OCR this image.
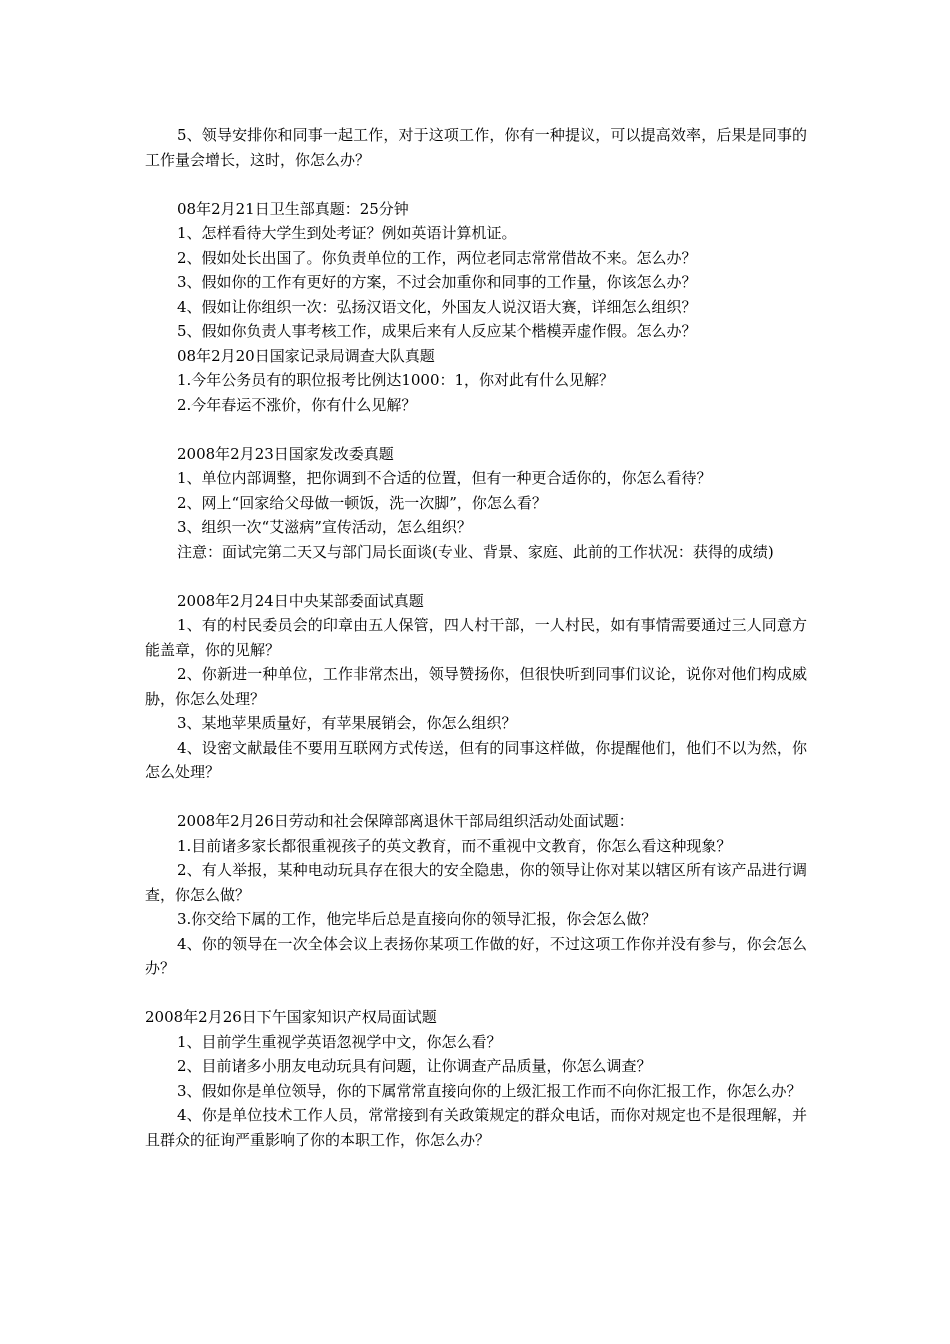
5、领导安排你和同事一起工作，对于这项工作，你有一种提议，可以提高效率，后果是同事的工作量会增长，这时，你怎么办？

08年2月21日卫生部真题：25分钟

1、怎样看待大学生到处考证？例如英语计算机证。

2、假如处长出国了。你负责单位的工作，两位老同志常常借故不来。怎么办？

3、假如你的工作有更好的方案，不过会加重你和同事的工作量，你该怎么办？

4、假如让你组织一次：弘扬汉语文化，外国友人说汉语大赛，详细怎么组织？

5、假如你负责人事考核工作，成果后来有人反应某个楷模弄虚作假。怎么办？

08年2月20日国家记录局调查大队真题

1.今年公务员有的职位报考比例达1000：1，你对此有什么见解？

2.今年春运不涨价，你有什么见解？

2008年2月23日国家发改委真题

1、单位内部调整，把你调到不合适的位置，但有一种更合适你的，你怎么看待？

2、网上“回家给父母做一顿饭，洗一次脚”，你怎么看？

3、组织一次“艾滋病”宣传活动，怎么组织？

注意：面试完第二天又与部门局长面谈(专业、背景、家庭、此前的工作状况：获得的成绩)

2008年2月24日中央某部委面试真题

1、有的村民委员会的印章由五人保管，四人村干部，一人村民，如有事情需要通过三人同意方能盖章，你的见解？

2、你新进一种单位，工作非常杰出，领导赞扬你，但很快听到同事们议论，说你对他们构成威胁，你怎么处理？

3、某地苹果质量好，有苹果展销会，你怎么组织？

4、设密文献最佳不要用互联网方式传送，但有的同事这样做，你提醒他们，他们不以为然，你怎么处理？

2008年2月26日劳动和社会保障部离退休干部局组织活动处面试题：

1.目前诸多家长都很重视孩子的英文教育，而不重视中文教育，你怎么看这种现象？

2、有人举报，某种电动玩具存在很大的安全隐患，你的领导让你对某以辖区所有该产品进行调查，你怎么做？

3.你交给下属的工作，他完毕后总是直接向你的领导汇报，你会怎么做？

4、你的领导在一次全体会议上表扬你某项工作做的好，不过这项工作你并没有参与，你会怎么办？

2008年2月26日下午国家知识产权局面试题

1、目前学生重视学英语忽视学中文，你怎么看？

2、目前诸多小朋友电动玩具有问题，让你调查产品质量，你怎么调查？

3、假如你是单位领导，你的下属常常直接向你的上级汇报工作而不向你汇报工作，你怎么办？

4、你是单位技术工作人员，常常接到有关政策规定的群众电话，而你对规定也不是很理解，并且群众的征询严重影响了你的本职工作，你怎么办？
